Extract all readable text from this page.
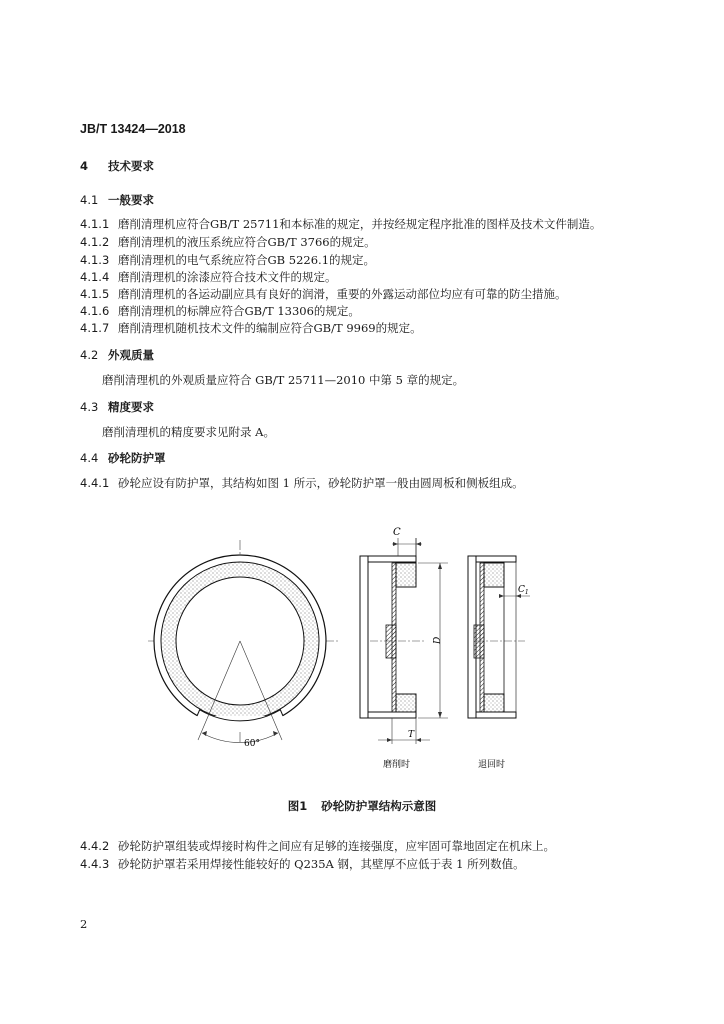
JB/T 13424—2018
4 技术要求
4.1 一般要求
4.1.1 磨削清理机应符合GB/T 25711和本标准的规定，并按经规定程序批准的图样及技术文件制造。
4.1.2 磨削清理机的液压系统应符合GB/T 3766的规定。
4.1.3 磨削清理机的电气系统应符合GB 5226.1的规定。
4.1.4 磨削清理机的涂漆应符合技术文件的规定。
4.1.5 磨削清理机的各运动副应具有良好的润滑，重要的外露运动部位均应有可靠的防尘措施。
4.1.6 磨削清理机的标牌应符合GB/T 13306的规定。
4.1.7 磨削清理机随机技术文件的编制应符合GB/T 9969的规定。
4.2 外观质量
磨削清理机的外观质量应符合 GB/T 25711—2010 中第 5 章的规定。
4.3 精度要求
磨削清理机的精度要求见附录 A。
4.4 砂轮防护罩
4.4.1 砂轮应设有防护罩，其结构如图 1 所示，砂轮防护罩一般由圆周板和侧板组成。
60°
C
D
T
磨削时
$C_1$
退回时
图1 砂轮防护罩结构示意图
4.4.2 砂轮防护罩组装或焊接时构件之间应有足够的连接强度，应牢固可靠地固定在机床上。
4.4.3 砂轮防护罩若采用焊接性能较好的 Q235A 钢，其壁厚不应低于表 1 所列数值。
2
